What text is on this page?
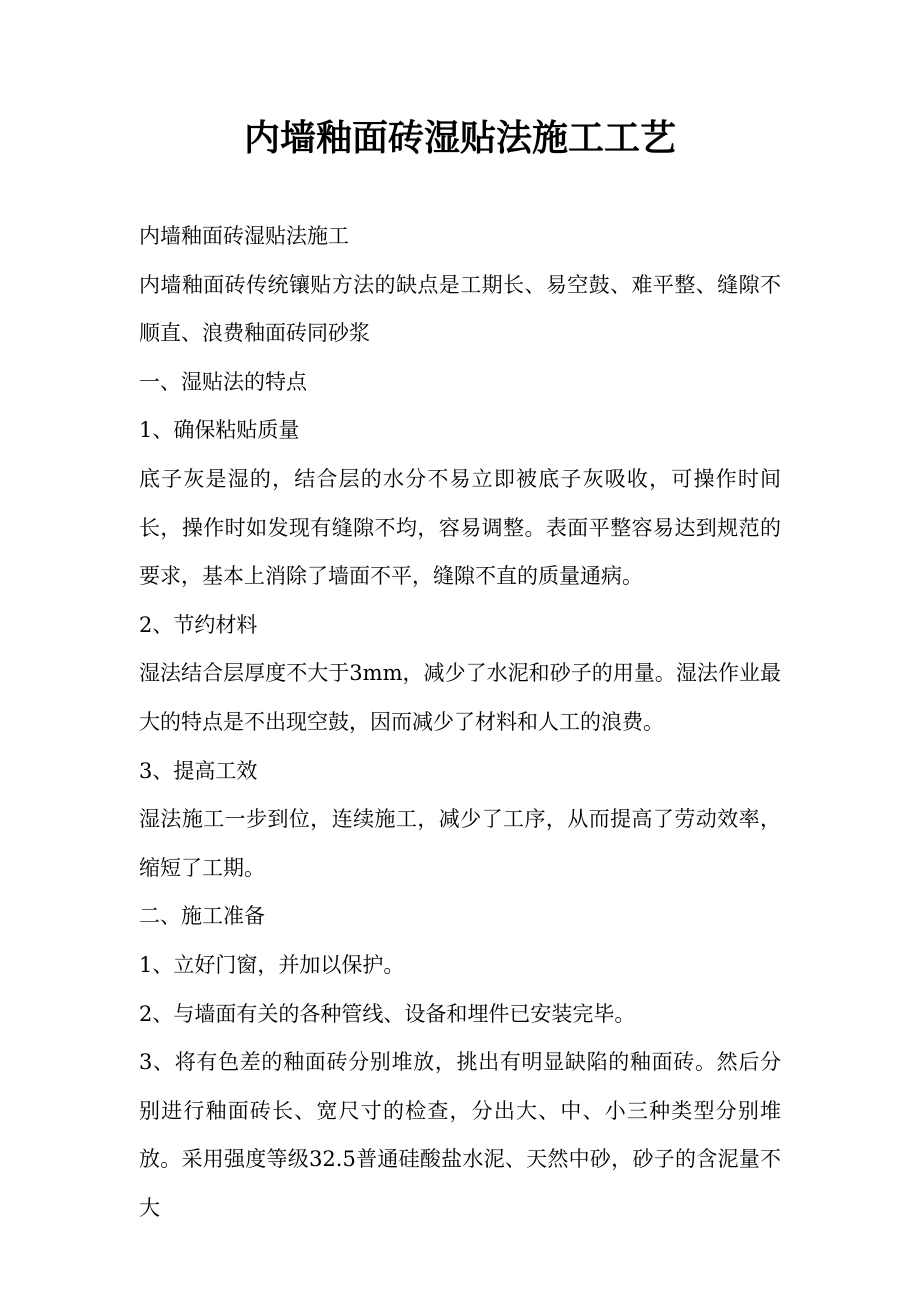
内墙釉面砖湿贴法施工工艺

内墙釉面砖湿贴法施工

内墙釉面砖传统镶贴方法的缺点是工期长、易空鼓、难平整、缝隙不顺直、浪费釉面砖同砂浆

一、湿贴法的特点

1、确保粘贴质量

底子灰是湿的，结合层的水分不易立即被底子灰吸收，可操作时间长，操作时如发现有缝隙不均，容易调整。表面平整容易达到规范的要求，基本上消除了墙面不平，缝隙不直的质量通病。

2、节约材料

湿法结合层厚度不大于3mm，减少了水泥和砂子的用量。湿法作业最大的特点是不出现空鼓，因而减少了材料和人工的浪费。

3、提高工效

湿法施工一步到位，连续施工，减少了工序，从而提高了劳动效率，缩短了工期。

二、施工准备

1、立好门窗，并加以保护。

2、与墙面有关的各种管线、设备和埋件已安装完毕。

3、将有色差的釉面砖分别堆放，挑出有明显缺陷的釉面砖。然后分别进行釉面砖长、宽尺寸的检查，分出大、中、小三种类型分别堆放。采用强度等级32.5普通硅酸盐水泥、天然中砂，砂子的含泥量不大
